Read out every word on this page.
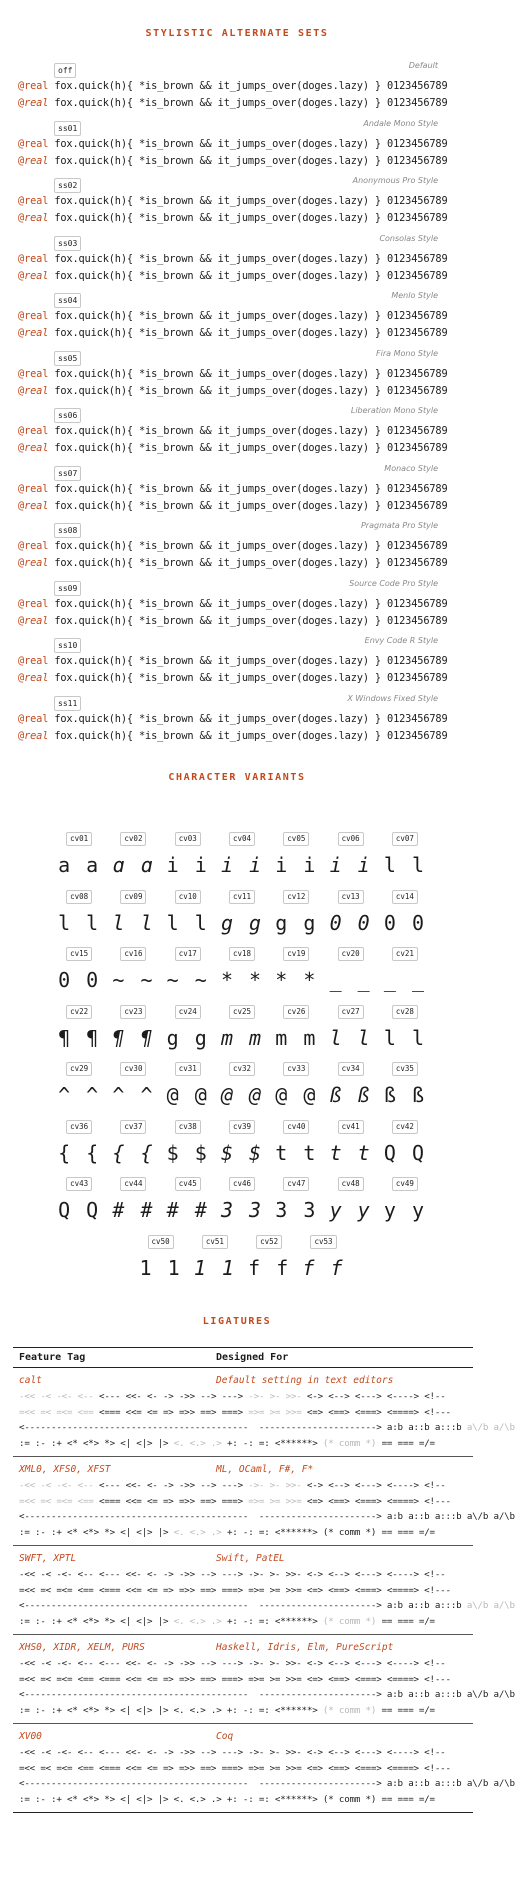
STYLISTIC ALTERNATE SETS
off
Default
@real fox.quick(h){ *is_brown && it_jumps_over(doges.lazy) } 0123456789
@real fox.quick(h){ *is_brown && it_jumps_over(doges.lazy) } 0123456789
ss01
Andale Mono Style
@real fox.quick(h){ *is_brown && it_jumps_over(doges.lazy) } 0123456789
@real fox.quick(h){ *is_brown && it_jumps_over(doges.lazy) } 0123456789
ss02
Anonymous Pro Style
@real fox.quick(h){ *is_brown && it_jumps_over(doges.lazy) } 0123456789
@real fox.quick(h){ *is_brown && it_jumps_over(doges.lazy) } 0123456789
ss03
Consolas Style
@real fox.quick(h){ *is_brown && it_jumps_over(doges.lazy) } 0123456789
@real fox.quick(h){ *is_brown && it_jumps_over(doges.lazy) } 0123456789
ss04
Menlo Style
@real fox.quick(h){ *is_brown && it_jumps_over(doges.lazy) } 0123456789
@real fox.quick(h){ *is_brown && it_jumps_over(doges.lazy) } 0123456789
ss05
Fira Mono Style
@real fox.quick(h){ *is_brown && it_jumps_over(doges.lazy) } 0123456789
@real fox.quick(h){ *is_brown && it_jumps_over(doges.lazy) } 0123456789
ss06
Liberation Mono Style
@real fox.quick(h){ *is_brown && it_jumps_over(doges.lazy) } 0123456789
@real fox.quick(h){ *is_brown && it_jumps_over(doges.lazy) } 0123456789
ss07
Monaco Style
@real fox.quick(h){ *is_brown && it_jumps_over(doges.lazy) } 0123456789
@real fox.quick(h){ *is_brown && it_jumps_over(doges.lazy) } 0123456789
ss08
Pragmata Pro Style
@real fox.quick(h){ *is_brown && it_jumps_over(doges.lazy) } 0123456789
@real fox.quick(h){ *is_brown && it_jumps_over(doges.lazy) } 0123456789
ss09
Source Code Pro Style
@real fox.quick(h){ *is_brown && it_jumps_over(doges.lazy) } 0123456789
@real fox.quick(h){ *is_brown && it_jumps_over(doges.lazy) } 0123456789
ss10
Envy Code R Style
@real fox.quick(h){ *is_brown && it_jumps_over(doges.lazy) } 0123456789
@real fox.quick(h){ *is_brown && it_jumps_over(doges.lazy) } 0123456789
ss11
X Windows Fixed Style
@real fox.quick(h){ *is_brown && it_jumps_over(doges.lazy) } 0123456789
@real fox.quick(h){ *is_brown && it_jumps_over(doges.lazy) } 0123456789
CHARACTER VARIANTS
cv01
a a
cv02
ɑ ɑ
cv03
i i
cv04
i i
cv05
i i
cv06
i i
cv07
l l
cv08
l l
cv09
l l
cv10
l l
cv11
g g
cv12
g g
cv13
0 0
cv14
0 0
cv15
0 0
cv16
~ ~
cv17
~ ~
cv18
* *
cv19
* *
cv20
_ _
cv21
_ _
cv22
¶ ¶
cv23
¶ ¶
cv24
g g
cv25
m m
cv26
m m
cv27
l l
cv28
l l
cv29
^ ^
cv30
^ ^
cv31
@ @
cv32
@ @
cv33
@ @
cv34
ß ß
cv35
ß ß
cv36
{ {
cv37
{ {
cv38
$ $
cv39
$ $
cv40
t t
cv41
t t
cv42
Q Q
cv43
Q Q
cv44
# #
cv45
# #
cv46
3 3
cv47
3 3
cv48
y y
cv49
y y
cv50
1 1
cv51
1 1
cv52
f f
cv53
f f
LIGATURES
Feature Tag	Designed For
calt	Default setting in text editors
-<< -< -<- <-- <--- <<- <- -> ->> --> ---> ->- >- >>- <-> <--> <---> <----> <!--
=<< =< =<= <== <=== <<= <= => =>> ==> ===> =>= >= >>= <=> <==> <===> <====> <!---
<------------------------------------------  ----------------------> a:b a::b a:::b a\/b a/\b
:= :- :+ <* <*> *> <| <|> |> <. <.> .> +: -: =: <******> (* comm *) == === =/=
XML0, XFS0, XFST	ML, OCaml, F#, F*
-<< -< -<- <-- <--- <<- <- -> ->> --> ---> ->- >- >>- <-> <--> <---> <----> <!--
=<< =< =<= <== <=== <<= <= => =>> ==> ===> =>= >= >>= <=> <==> <===> <====> <!---
<------------------------------------------  ----------------------> a:b a::b a:::b a\/b a/\b
:= :- :+ <* <*> *> <| <|> |> <. <.> .> +: -: =: <******> (* comm *) == === =/=
SWFT, XPTL	Swift, PatEL
-<< -< -<- <-- <--- <<- <- -> ->> --> ---> ->- >- >>- <-> <--> <---> <----> <!--
=<< =< =<= <== <=== <<= <= => =>> ==> ===> =>= >= >>= <=> <==> <===> <====> <!---
<------------------------------------------  ----------------------> a:b a::b a:::b a\/b a/\b
:= :- :+ <* <*> *> <| <|> |> <. <.> .> +: -: =: <******> (* comm *) == === =/=
XHS0, XIDR, XELM, PURS	Haskell, Idris, Elm, PureScript
-<< -< -<- <-- <--- <<- <- -> ->> --> ---> ->- >- >>- <-> <--> <---> <----> <!--
=<< =< =<= <== <=== <<= <= => =>> ==> ===> =>= >= >>= <=> <==> <===> <====> <!---
<------------------------------------------  ----------------------> a:b a::b a:::b a\/b a/\b
:= :- :+ <* <*> *> <| <|> |> <. <.> .> +: -: =: <******> (* comm *) == === =/=
XV00	Coq
-<< -< -<- <-- <--- <<- <- -> ->> --> ---> ->- >- >>- <-> <--> <---> <----> <!--
=<< =< =<= <== <=== <<= <= => =>> ==> ===> =>= >= >>= <=> <==> <===> <====> <!---
<------------------------------------------  ----------------------> a:b a::b a:::b a\/b a/\b
:= :- :+ <* <*> *> <| <|> |> <. <.> .> +: -: =: <******> (* comm *) == === =/=
